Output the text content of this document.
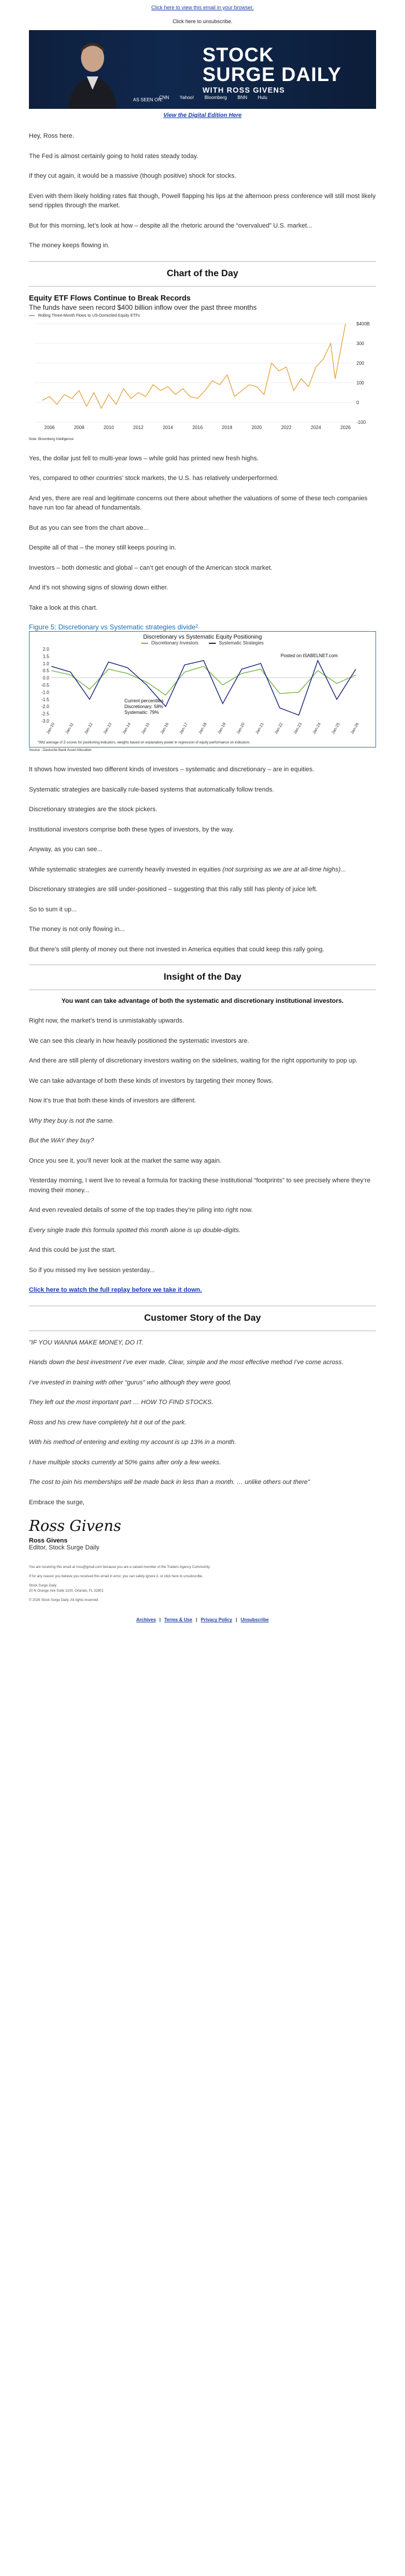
Click here to view this email in your browser.
Click here to unsubscribe.
STOCK
SURGE DAILY
WITH ROSS GIVENS
AS SEEN ON:
CNN Yahoo! Bloomberg BNN Hulu
View the Digital Edition Here

Hey, Ross here.

The Fed is almost certainly going to hold rates steady today.

If they cut again, it would be a massive (though positive) shock for stocks.

Even with them likely holding rates flat though, Powell flapping his lips at the afternoon press conference will still most likely send ripples through the market.

But for this morning, let’s look at how – despite all the rhetoric around the “overvalued” U.S. market...

The money keeps flowing in.

Chart of the Day

Equity ETF Flows Continue to Break Records

The funds have seen record $400 billion inflow over the past three months

Rolling Three-Month Flows to US-Domiciled Equity ETFs
-100
0
100
200
300
$400B
2006	2008	2010	2012	2014	2016	2018	2020	2022	2024	2026
Note: Bloomberg Intelligence

Yes, the dollar just fell to multi-year lows – while gold has printed new fresh highs.

Yes, compared to other countries’ stock markets, the U.S. has relatively underperformed.

And yes, there are real and legitimate concerns out there about whether the valuations of some of these tech companies have run too far ahead of fundamentals.

But as you can see from the chart above...

Despite all of that – the money still keeps pouring in.

Investors – both domestic and global – can’t get enough of the American stock market.

And it’s not showing signs of slowing down either.

Take a look at this chart.

Figure 5: Discretionary vs Systematic strategies divide²
Discretionary vs Systematic Equity Positioning
Discretionary Investors	Systematic Strategies
2.0
1.5
1.0
0.5
0.0
-0.5
-1.0
-1.5
-2.0
-2.5
-3.0
Jan-10 Jan-11 Jan-12 Jan-13 Jan-14 Jan-15 Jan-16 Jan-17 Jan-18 Jan-19 Jan-20 Jan-21 Jan-22 Jan-23 Jan-24 Jan-25 Jan-26
Posted on ISABELNET.com
Current percentiles
Discretionary: 58%
Systematic: 79%
*Wtd average of Z-scores for positioning indicators, weights based on explanatory power in regression of equity performance on indicators
Source : Deutsche Bank Asset Allocation

It shows how invested two different kinds of investors – systematic and discretionary – are in equities.

Systematic strategies are basically rule-based systems that automatically follow trends.

Discretionary strategies are the stock pickers.

Institutional investors comprise both these types of investors, by the way.

Anyway, as you can see...

While systematic strategies are currently heavily invested in equities (not surprising as we are at all-time highs)...

Discretionary strategies are still under-positioned – suggesting that this rally still has plenty of juice left.

So to sum it up...

The money is not only flowing in...

But there’s still plenty of money out there not invested in America equities that could keep this rally going.

Insight of the Day
You want can take advantage of both the systematic and discretionary institutional investors.

Right now, the market’s trend is unmistakably upwards.

We can see this clearly in how heavily positioned the systematic investors are.

And there are still plenty of discretionary investors waiting on the sidelines, waiting for the right opportunity to pop up.

We can take advantage of both these kinds of investors by targeting their money flows.

Now it’s true that both these kinds of investors are different.

Why they buy is not the same.

But the WAY they buy?

Once you see it, you’ll never look at the market the same way again.

Yesterday morning, I went live to reveal a formula for tracking these institutional “footprints” to see precisely where they’re moving their money...

And even revealed details of some of the top trades they’re piling into right now.

Every single trade this formula spotted this month alone is up double-digits.

And this could be just the start.

So if you missed my live session yesterday...

Click here to watch the full replay before we take it down.

Customer Story of the Day

"IF YOU WANNA MAKE MONEY, DO IT.

Hands down the best investment I’ve ever made. Clear, simple and the most effective method I’ve come across.

I’ve invested in training with other “gurus” who although they were good.

They left out the most important part … HOW TO FIND STOCKS.

Ross and his crew have completely hit it out of the park.

With his method of entering and exiting my account is up 13% in a month.

I have multiple stocks currently at 50% gains after only a few weeks.

The cost to join his memberships will be made back in less than a month. … unlike others out there"

Embrace the surge,

Ross Givens
Ross Givens
Editor, Stock Surge Daily

You are receiving this email at ross@gmail.com because you are a valued member of the Traders Agency Community.

If for any reason you believe you received this email in error, you can safely ignore it, or click here to unsubscribe.

Stock Surge Daily

20 N Orange Ave Suite 1100, Orlando, FL 32801

© 2026 Stock Surge Daily. All rights reserved.

Archives | Terms & Use | Privacy Policy | Unsubscribe
